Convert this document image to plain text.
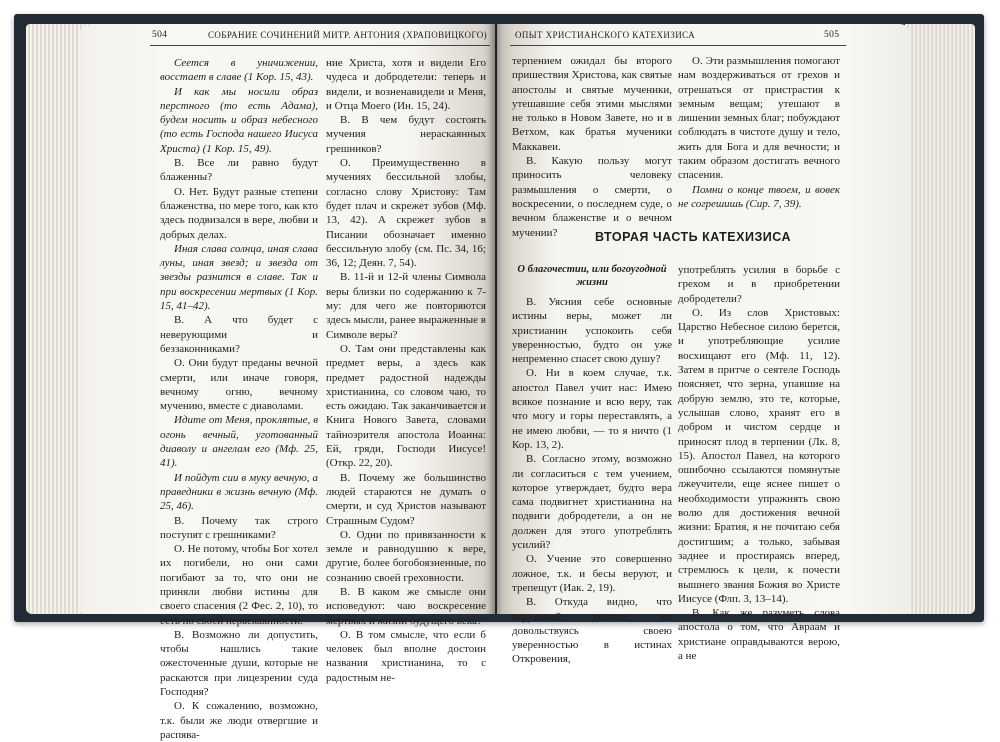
504	СОБРАНИЕ СОЧИНЕНИЙ МИТР. АНТОНИЯ (ХРАПОВИЦКОГО)

Сеется в уничижении, восстает в славе (1 Кор. 15, 43).

И как мы носили образ перстного (то есть Адама), будем носить и образ небесного (то есть Господа нашего Иисуса Христа) (1 Кор. 15, 49).

В. Все ли равно будут блаженны?

О. Нет. Будут разные степени блаженства, по мере того, как кто здесь подвизался в вере, любви и добрых делах.

Иная слава солнца, иная слава луны, иная звезд; и звезда от звезды разнится в славе. Так и при воскресении мертвых (1 Кор. 15, 41–42).

В. А что будет с неверующими и беззаконниками?

О. Они будут преданы вечной смерти, или иначе говоря, вечному огню, вечному мучению, вместе с диаволами.

Идите от Меня, проклятые, в огонь вечный, уготованный диаволу и ангелам его (Мф. 25, 41).

И пойдут сии в муку вечную, а праведники в жизнь вечную (Мф. 25, 46).

В. Почему так строго поступят с грешниками?

О. Не потому, чтобы Бог хотел их погибели, но они сами погибают за то, что они не приняли любви истины для своего спасения (2 Фес. 2, 10), то есть по своей нераскаянности.

В. Возможно ли допустить, чтобы нашлись такие ожесточенные души, которые не раскаются при лицезрении суда Господня?

О. К сожалению, возможно, т.к. были же люди отвергшие и распява-

ние Христа, хотя и видели Его чудеса и добродетели: теперь и видели, и возненавидели и Меня, и Отца Моего (Ин. 15, 24).

В. В чем будут состоять мучения нераскаянных грешников?

О. Преимущественно в мучениях бессильной злобы, согласно слову Христову: Там будет плач и скрежет зубов (Мф. 13, 42). А скрежет зубов в Писании обозначает именно бессильную злобу (см. Пс. 34, 16; 36, 12; Деян. 7, 54).

В. 11-й и 12-й члены Символа веры близки по содержанию к 7-му: для чего же повторяются здесь мысли, ранее выраженные в Символе веры?

О. Там они представлены как предмет веры, а здесь как предмет радостной надежды христианина, со словом чаю, то есть ожидаю. Так заканчивается и Книга Нового Завета, словами тайнозрителя апостола Иоанна: Ей, гряди, Господи Иисусе! (Откр. 22, 20).

В. Почему же большинство людей стараются не думать о смерти, и суд Христов называют Страшным Судом?

О. Одни по привязанности к земле и равнодушию к вере, другие, более богобоязненные, по сознанию своей греховности.

В. В каком же смысле они исповедуют: чаю воскресение мертвых и жизни будущего века?

О. В том смысле, что если б человек был вполне достоин названия христианина, то с радостным не-

ОПЫТ ХРИСТИАНСКОГО КАТЕХИЗИСА	505

терпением ожидал бы второго пришествия Христова, как святые апостолы и святые мученики, утешавшие себя этими мыслями не только в Новом Завете, но и в Ветхом, как братья мученики Маккавеи.

В. Какую пользу могут приносить человеку размышления о смерти, о воскресении, о последнем суде, о вечном блаженстве и о вечном мучении?

О. Эти размышления помогают нам воздерживаться от грехов и отрешаться от пристрастия к земным вещам; утешают в лишении земных благ; побуждают соблюдать в чистоте душу и тело, жить для Бога и для вечности; и таким образом достигать вечного спасения.

Помни о конце твоем, и вовек не согрешишь (Сир. 7, 39).

ВТОРАЯ ЧАСТЬ КАТЕХИЗИСА

О благочестии, или богоугодной жизни

В. Уясния себе основные истины веры, может ли христианин успокоить себя уверенностью, будто он уже непременно спасет свою душу?

О. Ни в коем случае, т.к. апостол Павел учит нас: Имею всякое познание и всю веру, так что могу и горы переставлять, а не имею любви, — то я ничто (1 Кор. 13, 2).

В. Согласно этому, возможно ли согласиться с тем учением, которое утверждает, будто вера сама подвигнет христианина на подвиги добродетели, а он не должен для этого употреблять усилий?

О. Учение это совершенно ложное, т.к. и бесы веруют, и трепещут (Иак. 2, 19).

В. Откуда видно, что верующий должен, не довольствуясь своею уверенностью в истинах Откровения,

употреблять усилия в борьбе с грехом и в приобретении добродетели?

О. Из слов Христовых: Царство Небесное силою берется, и употребляющие усилие восхищают его (Мф. 11, 12). Затем в притче о сеятеле Господь поясняет, что зерна, упавшие на добрую землю, это те, которые, услышав слово, хранят его в добром и чистом сердце и приносят плод в терпении (Лк. 8, 15). Апостол Павел, на которого ошибочно ссылаются помянутые лжеучители, еще яснее пишет о необходимости упражнять свою волю для достижения вечной жизни: Братия, я не почитаю себя достигшим; а только, забывая заднее и простираясь вперед, стремлюсь к цели, к почести вышнего звания Божия во Христе Иисусе (Флп. 3, 13–14).

В. Как же разуметь слова апостола о том, что Авраам и христиане оправдываются верою, а не
